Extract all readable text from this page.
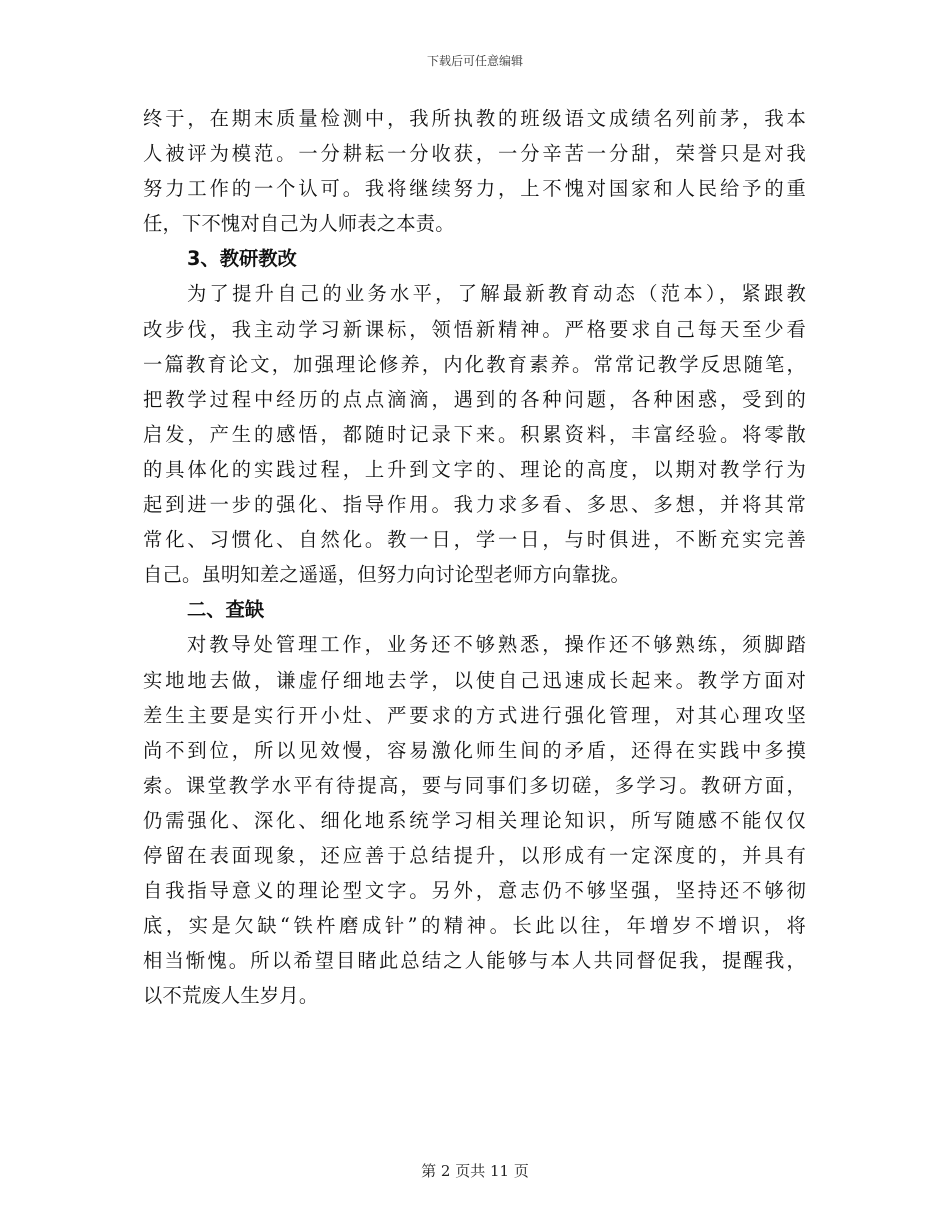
下载后可任意编辑
终于，在期末质量检测中，我所执教的班级语文成绩名列前茅，我本
人被评为模范。一分耕耘一分收获，一分辛苦一分甜，荣誉只是对我
努力工作的一个认可。我将继续努力，上不愧对国家和人民给予的重
任，下不愧对自己为人师表之本责。
3、教研教改
为了提升自己的业务水平，了解最新教育动态（范本），紧跟教
改步伐，我主动学习新课标，领悟新精神。严格要求自己每天至少看
一篇教育论文，加强理论修养，内化教育素养。常常记教学反思随笔，
把教学过程中经历的点点滴滴，遇到的各种问题，各种困惑，受到的
启发，产生的感悟，都随时记录下来。积累资料，丰富经验。将零散
的具体化的实践过程，上升到文字的、理论的高度，以期对教学行为
起到进一步的强化、指导作用。我力求多看、多思、多想，并将其常
常化、习惯化、自然化。教一日，学一日，与时俱进，不断充实完善
自己。虽明知差之遥遥，但努力向讨论型老师方向靠拢。
二、查缺
对教导处管理工作，业务还不够熟悉，操作还不够熟练，须脚踏
实地地去做，谦虚仔细地去学，以使自己迅速成长起来。教学方面对
差生主要是实行开小灶、严要求的方式进行强化管理，对其心理攻坚
尚不到位，所以见效慢，容易激化师生间的矛盾，还得在实践中多摸
索。课堂教学水平有待提高，要与同事们多切磋，多学习。教研方面，
仍需强化、深化、细化地系统学习相关理论知识，所写随感不能仅仅
停留在表面现象，还应善于总结提升，以形成有一定深度的，并具有
自我指导意义的理论型文字。另外，意志仍不够坚强，坚持还不够彻
底，实是欠缺“铁杵磨成针”的精神。长此以往，年增岁不增识，将
相当惭愧。所以希望目睹此总结之人能够与本人共同督促我，提醒我，
以不荒废人生岁月。
第 2 页共 11 页
